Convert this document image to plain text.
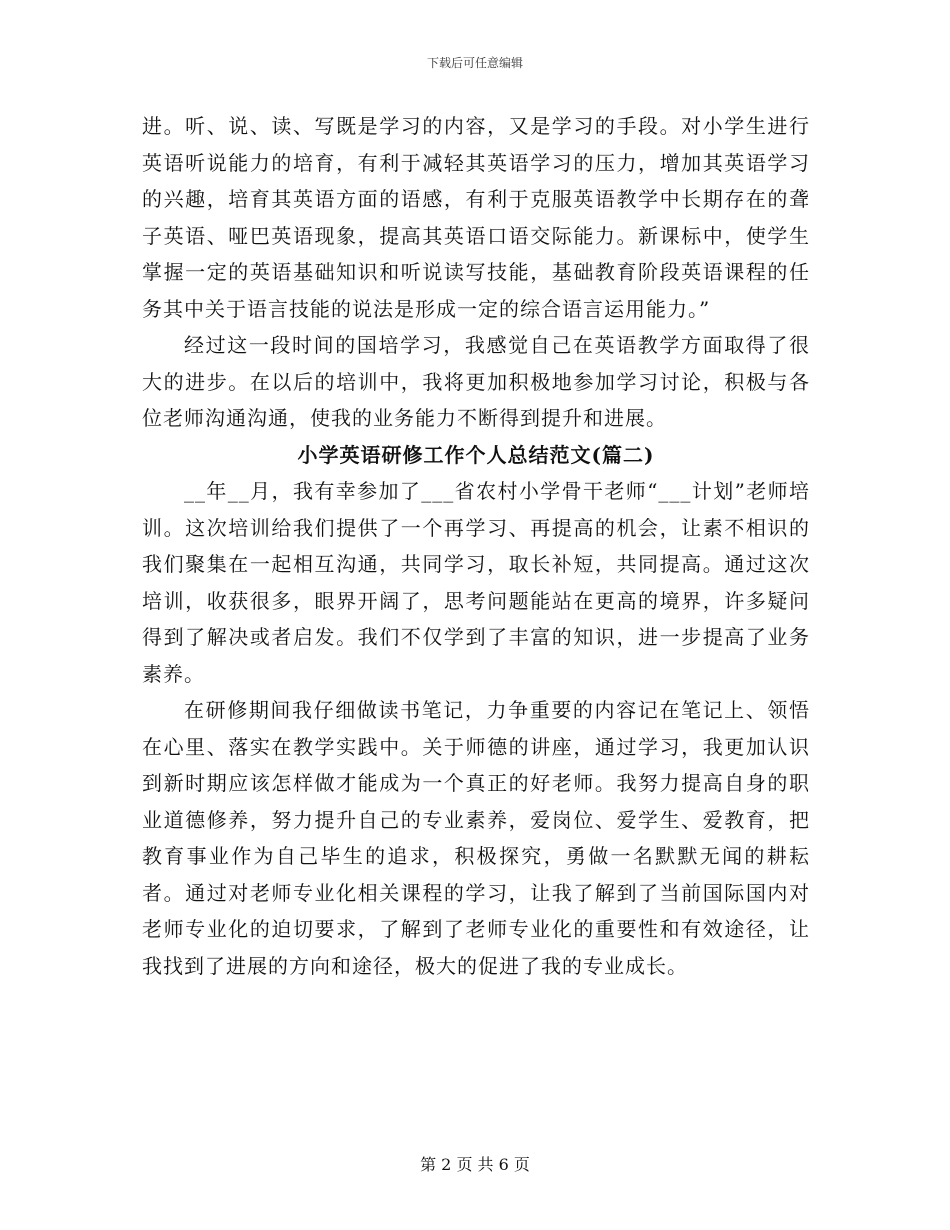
下载后可任意编辑

进。听、说、读、写既是学习的内容，又是学习的手段。对小学生进行英语听说能力的培育，有利于减轻其英语学习的压力，增加其英语学习的兴趣，培育其英语方面的语感，有利于克服英语教学中长期存在的聋子英语、哑巴英语现象，提高其英语口语交际能力。新课标中，使学生掌握一定的英语基础知识和听说读写技能，基础教育阶段英语课程的任务其中关于语言技能的说法是形成一定的综合语言运用能力。”

经过这一段时间的国培学习，我感觉自己在英语教学方面取得了很大的进步。在以后的培训中，我将更加积极地参加学习讨论，积极与各位老师沟通沟通，使我的业务能力不断得到提升和进展。

小学英语研修工作个人总结范文(篇二)

__年__月，我有幸参加了___省农村小学骨干老师“___计划”老师培训。这次培训给我们提供了一个再学习、再提高的机会，让素不相识的我们聚集在一起相互沟通，共同学习，取长补短，共同提高。通过这次培训，收获很多，眼界开阔了，思考问题能站在更高的境界，许多疑问得到了解决或者启发。我们不仅学到了丰富的知识，进一步提高了业务素养。

在研修期间我仔细做读书笔记，力争重要的内容记在笔记上、领悟在心里、落实在教学实践中。关于师德的讲座，通过学习，我更加认识到新时期应该怎样做才能成为一个真正的好老师。我努力提高自身的职业道德修养，努力提升自己的专业素养，爱岗位、爱学生、爱教育，把教育事业作为自己毕生的追求，积极探究，勇做一名默默无闻的耕耘者。通过对老师专业化相关课程的学习，让我了解到了当前国际国内对老师专业化的迫切要求，了解到了老师专业化的重要性和有效途径，让我找到了进展的方向和途径，极大的促进了我的专业成长。

第 2 页 共 6 页
